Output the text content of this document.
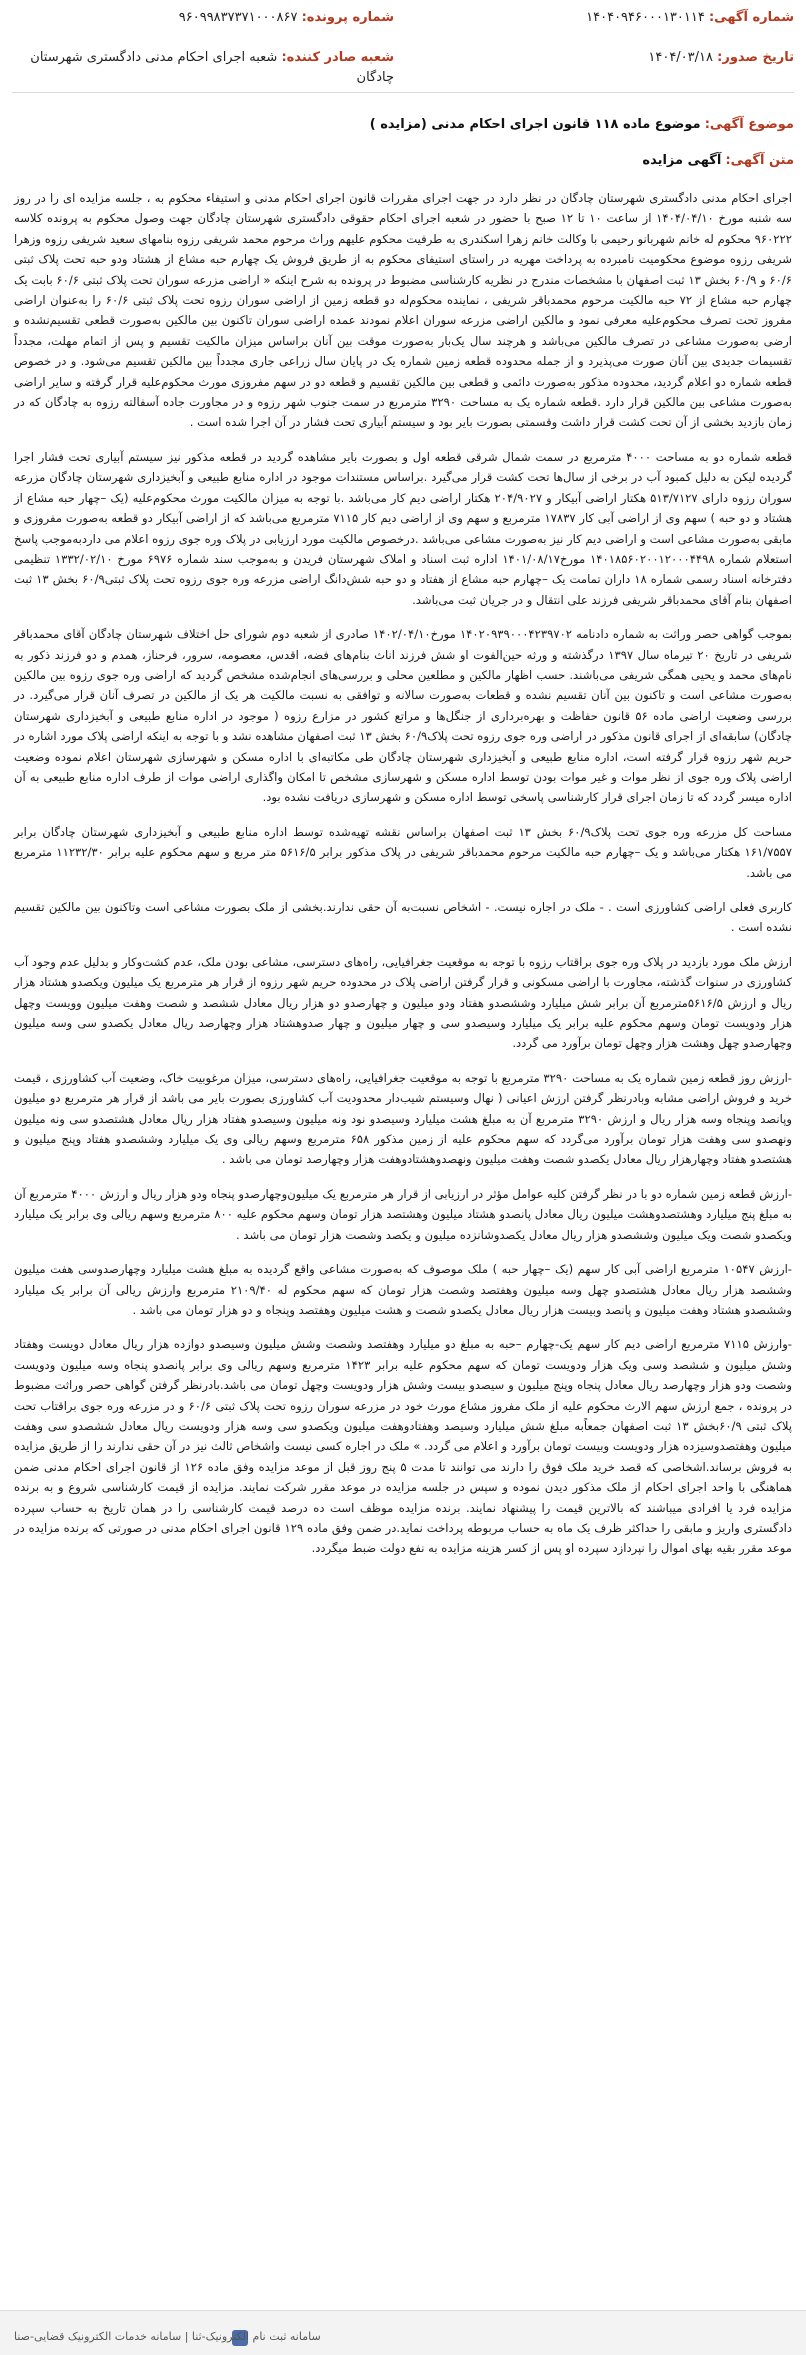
شماره آگهی: ۱۴۰۴۰۹۴۶۰۰۰۱۳۰۱۱۴
شماره پرونده: ۹۶۰۹۹۸۳۷۳۷۱۰۰۰۸۶۷
تاریخ صدور: ۱۴۰۴/۰۳/۱۸
شعبه صادر کننده: شعبه اجرای احکام مدنی دادگستری شهرستان چادگان
موضوع آگهی: موضوع ماده ۱۱۸ قانون اجرای احکام مدنی (مزایده )
متن آگهی: آگهی مزایده

اجرای احکام مدنی دادگستری شهرستان چادگان در نظر دارد در جهت اجرای مقررات قانون اجرای احکام مدنی و استیفاء محکوم به ، جلسه مزایده ای را در روز سه شنبه مورخ ۱۴۰۴/۰۴/۱۰ از ساعت ۱۰ تا ۱۲ صبح با حضور در شعبه اجرای احکام حقوقی دادگستری شهرستان چادگان جهت وصول محکوم به پرونده کلاسه ۹۶۰۲۲۲ محکوم له خانم شهربانو رحیمی با وکالت خانم زهرا اسکندری به طرفیت محکوم علیهم وراث مرحوم محمد شریفی رزوه بنامهای سعید شریفی رزوه وزهرا شریفی رزوه موضوع محکومیت نامبرده به پرداخت مهریه در راستای استیفای محکوم به از طریق فروش یک چهارم حبه مشاع از هشتاد ودو حبه تحت پلاک ثبتی ۶۰/۶ و ۶۰/۹ بخش ۱۳ ثبت اصفهان با مشخصات مندرج در نظریه کارشناسی مضبوط در پرونده به شرح اینکه « اراضی مزرعه سوران تحت پلاک ثبتی ۶۰/۶ بابت یک چهارم حبه مشاع از ۷۲ حبه مالکیت مرحوم محمدباقر شریفی ، نماینده محکوم‌له دو قطعه زمین از اراضی سوران رزوه تحت پلاک ثبتی ۶۰/۶ را به‌عنوان اراضی مفروز تحت تصرف محکوم‌علیه معرفی نمود و مالکین اراضی مزرعه سوران اعلام نمودند عمده اراضی سوران تاکنون بین مالکین به‌صورت قطعی تقسیم‌نشده و ارضی به‌صورت مشاعی در تصرف مالکین می‌باشد و هرچند سال یک‌بار به‌صورت موقت بین آنان براساس میزان مالکیت تقسیم و پس از اتمام مهلت، مجدداً تقسیمات جدیدی بین آنان صورت می‌پذیرد و از جمله محدوده قطعه زمین شماره یک در پایان سال زراعی جاری مجدداً بین مالکین تقسیم می‌شود. و در خصوص قطعه شماره دو اعلام گردید، محدوده مذکور به‌صورت دائمی و قطعی بین مالکین تقسیم و قطعه دو در سهم مفروزی مورث محکوم‌علیه قرار گرفته و سایر اراضی به‌صورت مشاعی بین مالکین قرار دارد .قطعه شماره یک به مساحت ۳۲۹۰ مترمربع در سمت جنوب شهر رزوه و در مجاورت جاده آسفالته رزوه به چادگان که در زمان بازدید بخشی از آن تحت کشت قرار داشت وقسمتی بصورت بایر بود و سیستم آبیاری تحت فشار در آن اجرا شده است .

قطعه شماره دو به مساحت ۴۰۰۰ مترمربع در سمت شمال شرقی قطعه اول و بصورت بایر مشاهده گردید در قطعه مذکور نیز سیستم آبیاری تحت فشار اجرا گردیده لیکن به دلیل کمبود آب در برخی از سال‌ها تحت کشت قرار می‌گیرد .براساس مستندات موجود در اداره منابع طبیعی و آبخیزداری شهرستان چادگان مزرعه سوران رزوه دارای ۵۱۳/۷۱۲۷ هکتار اراضی آبیکار و ۲۰۴/۹۰۲۷ هکتار اراضی دیم کار می‌باشد .با توجه به میزان مالکیت مورث محکوم‌علیه (یک –چهار حبه مشاع از هشتاد و دو حبه ) سهم وی از اراضی آبی کار ۱۷۸۳۷ مترمربع و سهم وی از اراضی دیم کار ۷۱۱۵ مترمربع می‌باشد که از اراضی آبیکار دو قطعه به‌صورت مفروزی و مابقی به‌صورت مشاعی است و اراضی دیم کار نیز به‌صورت مشاعی می‌باشد .درخصوص مالکیت مورد ارزیابی در پلاک وره جوی رزوه اعلام می دارد‌به‌موجب پاسخ استعلام شماره ۱۴۰۱۸۵۶۰۲۰۰۱۲۰۰۰۴۴۹۸ مورخ۱۴۰۱/۰۸/۱۷ اداره ثبت اسناد و املاک شهرستان فریدن و به‌موجب سند شماره ۶۹۷۶ مورخ ۱۳۳۲/۰۲/۱۰ تنظیمی دفترخانه اسناد رسمی شماره ۱۸ داران تمامت یک –چهارم حبه مشاع از هفتاد و دو حبه شش‌دانگ اراضی مزرعه وره جوی رزوه تحت پلاک ثبتی۶۰/۹ بخش ۱۳ ثبت اصفهان بنام آقای محمدباقر شریفی فرزند علی انتقال و در جریان ثبت می‌باشد.

بموجب گواهی حصر وراثت به شماره دادنامه ۱۴۰۲۰۹۳۹۰۰۰۴۲۳۹۷۰۲ مورخ۱۴۰۲/۰۴/۱۰ صادری از شعبه دوم شورای حل اختلاف شهرستان چادگان آقای محمدباقر شریفی در تاریخ ۲۰ تیرماه سال ۱۳۹۷ درگذشته و ورثه حین‌الفوت او شش فرزند اناث بنام‌های فضه، اقدس، معصومه، سرور، فرحناز، همدم و دو فرزند ذکور به نام‌های محمد و یحیی همگی شریفی می‌باشند. حسب اظهار مالکین و مطلعین محلی و بررسی‌های انجام‌شده مشخص گردید که اراضی وره جوی رزوه بین مالکین به‌صورت مشاعی است و تاکنون بین آنان تقسیم نشده و قطعات به‌صورت سالانه و توافقی به نسبت مالکیت هر یک از مالکین در تصرف آنان قرار می‌گیرد. در بررسی وضعیت اراضی ماده ۵۶ قانون حفاظت و بهره‌برداری از جنگل‌ها و مراتع کشور در مزارع رزوه ( موجود در اداره منابع طبیعی و آبخیزداری شهرستان چادگان) سابقه‌ای از اجرای قانون مذکور در اراضی وره جوی رزوه تحت پلاک۶۰/۹ بخش ۱۳ ثبت اصفهان مشاهده نشد و با توجه به اینکه اراضی پلاک مورد اشاره در حریم شهر رزوه قرار گرفته است، اداره منابع طبیعی و آبخیزداری شهرستان چادگان طی مکاتبه‌ای با اداره مسکن و شهرسازی شهرستان اعلام نموده وضعیت اراضی پلاک وره جوی از نظر موات و غیر موات بودن توسط اداره مسکن و شهرسازی مشخص تا امکان واگذاری اراضی موات از طرف اداره منابع طبیعی به آن اداره میسر گردد که تا زمان اجرای قرار کارشناسی پاسخی توسط اداره مسکن و شهرسازی دریافت نشده بود.

مساحت کل مزرعه وره جوی تحت پلاک۶۰/۹ بخش ۱۳ ثبت اصفهان براساس نقشه تهیه‌شده توسط اداره منابع طبیعی و آبخیزداری شهرستان چادگان برابر ۱۶۱/۷۵۵۷ هکتار می‌باشد و یک –چهارم حبه مالکیت مرحوم محمدباقر شریفی در پلاک مذکور برابر ۵۶۱۶/۵ متر مربع و سهم محکوم علیه برابر ۱۱۲۳۲/۳۰ مترمربع می باشد.

کاربری فعلی اراضی کشاورزی است . - ملک در اجاره نیست. - اشخاص نسبت‌به آن حقی ندارند.بخشی از ملک بصورت مشاعی است وتاکنون بین مالکین تقسیم نشده است .

ارزش ملک مورد بازدید در پلاک وره جوی براقتاب رزوه با توجه به موقعیت جغرافیایی، راه‌های دسترسی، مشاعی بودن ملک، عدم کشت‌وکار و بدلیل عدم وجود آب کشاورزی در سنوات گذشته، مجاورت با اراضی مسکونی و قرار گرفتن اراضی پلاک در محدوده حریم شهر رزوه از قرار هر مترمربع یک میلیون ویکصدو هشتاد هزار ریال و ارزش ۵۶۱۶/۵مترمربع آن برابر شش میلیارد وششصدو هفتاد ودو میلیون و چهارصدو دو هزار ریال معادل ششصد و شصت وهفت میلیون وویست وچهل هزار ودویست تومان وسهم محکوم علیه برابر یک میلیارد وسیصدو سی و چهار میلیون و چهار صدوهشتاد هزار وچهارصد ریال معادل یکصدو سی وسه میلیون وچهارصدو چهل وهشت هزار وچهل تومان برآورد می گردد.

-ارزش روز قطعه زمین شماره یک به مساحت ۳۲۹۰ مترمربع با توجه به موقعیت جغرافیایی، راه‌های دسترسی، میزان مرغوبیت خاک، وضعیت آب کشاورزی ، قیمت خرید و فروش اراضی مشابه وبادرنظر گرفتن ارزش اعیانی ( نهال وسیستم شیب‌دار محدودیت آب کشاورزی بصورت بایر می باشد از قرار هر مترمربع دو میلیون وپانصد وپنجاه وسه هزار ریال و ارزش ۳۲۹۰ مترمربع آن به مبلغ هشت میلیارد وسیصدو نود ونه میلیون وسیصدو هفتاد هزار ریال معادل هشتصدو سی ونه میلیون ونهصدو سی وهفت هزار تومان برآورد می‌گردد که سهم محکوم علیه از زمین مذکور ۶۵۸ مترمربع وسهم ریالی وی یک میلیارد وششصدو هفتاد وپنج میلیون و هشتصدو هفتاد وچهارهزار ریال معادل یکصدو شصت وهفت میلیون ونهصدوهشتادوهفت هزار وچهارصد تومان می باشد .

-ارزش قطعه زمین شماره دو با در نظر گرفتن کلیه عوامل مؤثر در ارزیابی از قرار هر مترمربع یک میلیون‌وچهارصدو پنجاه ودو هزار ریال و ارزش ۴۰۰۰ مترمربع آن به مبلغ پنج میلیارد وهشتصدوهشت میلیون ریال معادل پانصدو هشتاد میلیون وهشتصد هزار تومان وسهم محکوم علیه ۸۰۰ مترمربع وسهم ریالی وی برابر یک میلیارد ویکصدو شصت ویک میلیون وششصدو هزار ریال معادل یکصدوشانزده میلیون و یکصد وشصت هزار تومان می باشد .

-ارزش ۱۰۵۴۷ مترمربع اراضی آبی کار سهم (یک –چهار حبه ) ملک موصوف که به‌صورت مشاعی واقع گردیده به مبلغ هشت میلیارد وچهارصدوسی هفت میلیون وششصد هزار ریال معادل هشتصدو چهل وسه میلیون وهفتصد وشصت هزار تومان که سهم محکوم له ۲۱۰۹/۴۰ مترمربع وارزش ریالی آن برابر یک میلیارد وششصدو هشتاد وهفت میلیون و پانصد وبیست هزار ریال معادل یکصدو شصت و هشت میلیون وهفتصد وپنجاه و دو هزار تومان می باشد .

-وارزش ۷۱۱۵ مترمربع اراضی دیم کار سهم یک-چهارم –حبه به مبلغ دو میلیارد وهفتصد وشصت وشش میلیون وسیصدو دوازده هزار ریال معادل دویست وهفتاد وشش میلیون و ششصد وسی ویک هزار ودویست تومان که سهم محکوم علیه برابر ۱۴۲۳ مترمربع وسهم ریالی وی برابر پانصدو پنجاه وسه میلیون ودویست وشصت ودو هزار وچهارصد ریال معادل پنجاه وپنج میلیون و سیصدو بیست وشش هزار ودویست وچهل تومان می باشد.بادرنظر گرفتن گواهی حصر وراثت مضبوط در پرونده ، جمع ارزش سهم الارث محکوم علیه از ملک مفروز مشاع مورث خود در مزرعه سوران رزوه تحت پلاک ثبتی ۶۰/۶ و در مزرعه وره جوی براقتاب تحت پلاک ثبتی ۶۰/۹بخش ۱۳ ثبت اصفهان جمعاًبه مبلغ شش میلیارد وسیصد وهفتادوهفت میلیون ویکصدو سی وسه هزار ودویست ریال معادل ششصدو سی وهفت میلیون وهفتصدوسیزده هزار ودویست وبیست تومان برآورد و اعلام می گردد. » ملک در اجاره کسی نیست واشخاص ثالث نیز در آن حقی ندارند را از طریق مزایده به فروش برساند.اشخاصی که قصد خرید ملک فوق را دارند می توانند تا مدت ۵ پنج روز قبل از موعد مزایده وفق ماده ۱۲۶ از قانون اجرای احکام مدنی ضمن هماهنگی با واحد اجرای احکام از ملک مذکور دیدن نموده و سپس در جلسه مزایده در موعد مقرر شرکت نمایند. مزایده از قیمت کارشناسی شروع و به برنده مزایده فرد یا افرادی میباشند که بالاترین قیمت را پیشنهاد نمایند. برنده مزایده موظف است ده درصد قیمت کارشناسی را در همان تاریخ به حساب سپرده دادگستری واریز و مابقی را حداکثر ظرف یک ماه به حساب مربوطه پرداخت نماید.در ضمن وفق ماده ۱۲۹ قانون اجرای احکام مدنی در صورتی که برنده مزایده در موعد مقرر بقیه بهای اموال را نپردازد سپرده او پس از کسر هزینه مزایده به نفع دولت ضبط میگردد.

سامانه ثبت نام الکترونیک-ثنا | سامانه خدمات الکترونیک قضایی-صنا
